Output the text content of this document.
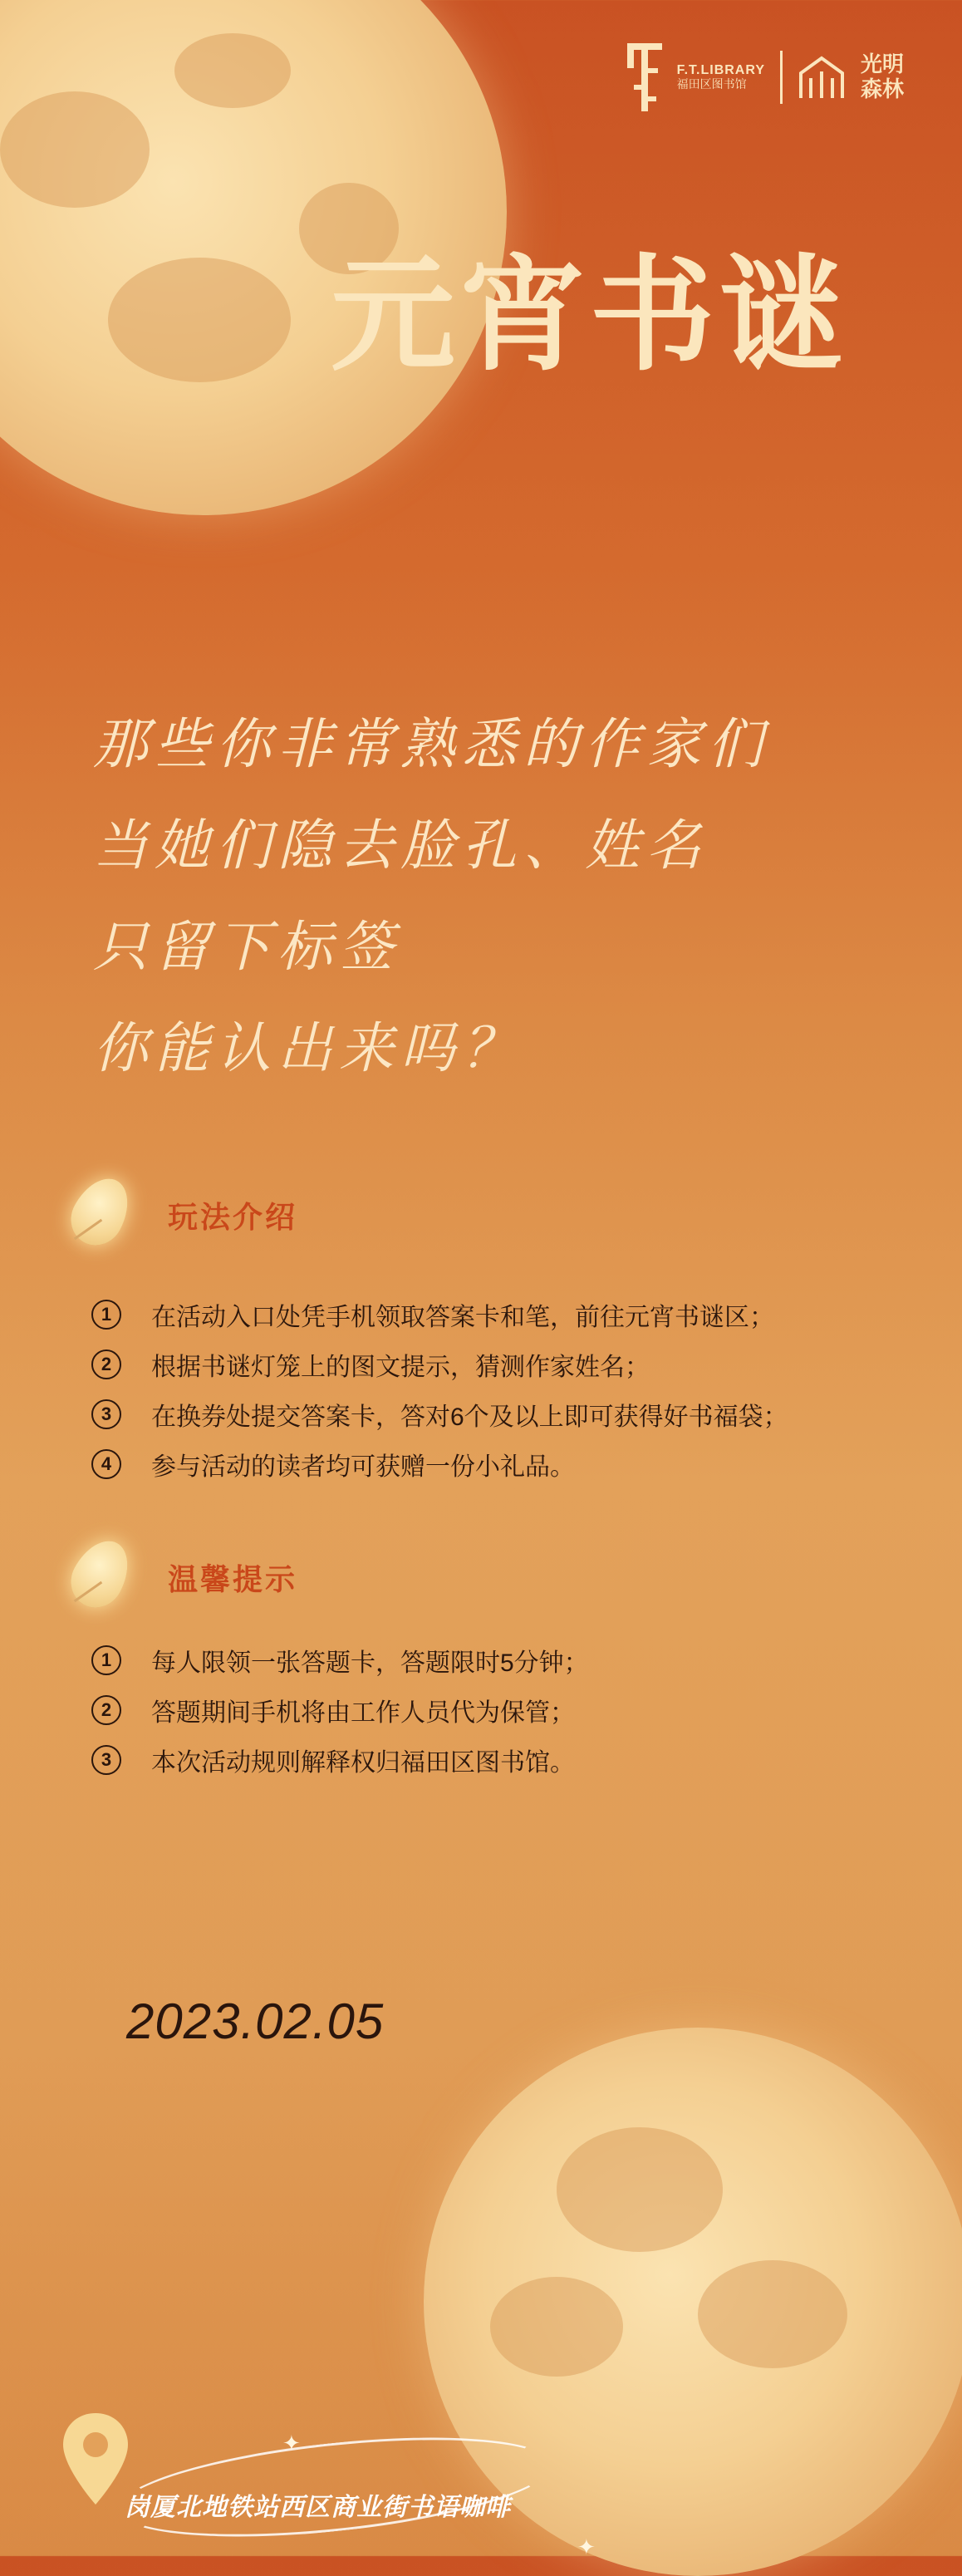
F.T.LIBRARY
福田区图书馆
光明
森林
元宵书谜
那些你非常熟悉的作家们
当她们隐去脸孔、姓名
只留下标签
你能认出来吗？
玩法介绍
1	在活动入口处凭手机领取答案卡和笔，前往元宵书谜区；
2	根据书谜灯笼上的图文提示，猜测作家姓名；
3	在换券处提交答案卡，答对6个及以上即可获得好书福袋；
4	参与活动的读者均可获赠一份小礼品。
温馨提示
1	每人限领一张答题卡，答题限时5分钟；
2	答题期间手机将由工作人员代为保管；
3	本次活动规则解释权归福田区图书馆。
2023.02.05
✦
✦
岗厦北地铁站西区商业街书语咖啡
